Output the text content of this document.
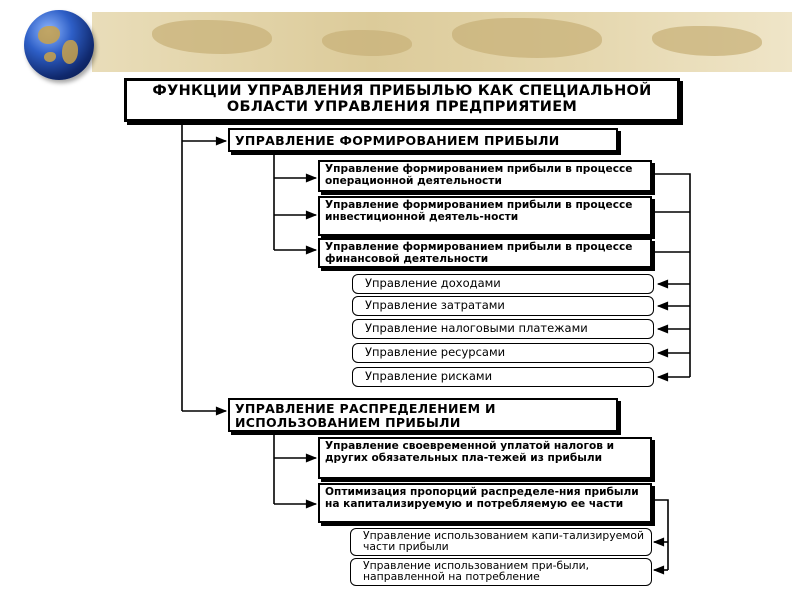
ФУНКЦИИ УПРАВЛЕНИЯ ПРИБЫЛЬЮ КАК СПЕЦИАЛЬНОЙ ОБЛАСТИ УПРАВЛЕНИЯ ПРЕДПРИЯТИЕМ
УПРАВЛЕНИЕ ФОРМИРОВАНИЕМ ПРИБЫЛИ
Управление формированием прибыли в процессе операционной деятельности
Управление формированием прибыли в процессе инвестиционной деятель-ности
Управление формированием прибыли в процессе финансовой деятельности
Управление доходами
Управление затратами
Управление налоговыми платежами
Управление ресурсами
Управление рисками
УПРАВЛЕНИЕ РАСПРЕДЕЛЕНИЕМ И ИСПОЛЬЗОВАНИЕМ ПРИБЫЛИ
Управление своевременной уплатой налогов и других обязательных пла-тежей из прибыли
Оптимизация пропорций распределе-ния прибыли на капитализируемую и потребляемую ее части
Управление использованием капи-тализируемой части прибыли
Управление использованием при-были, направленной на потребление
